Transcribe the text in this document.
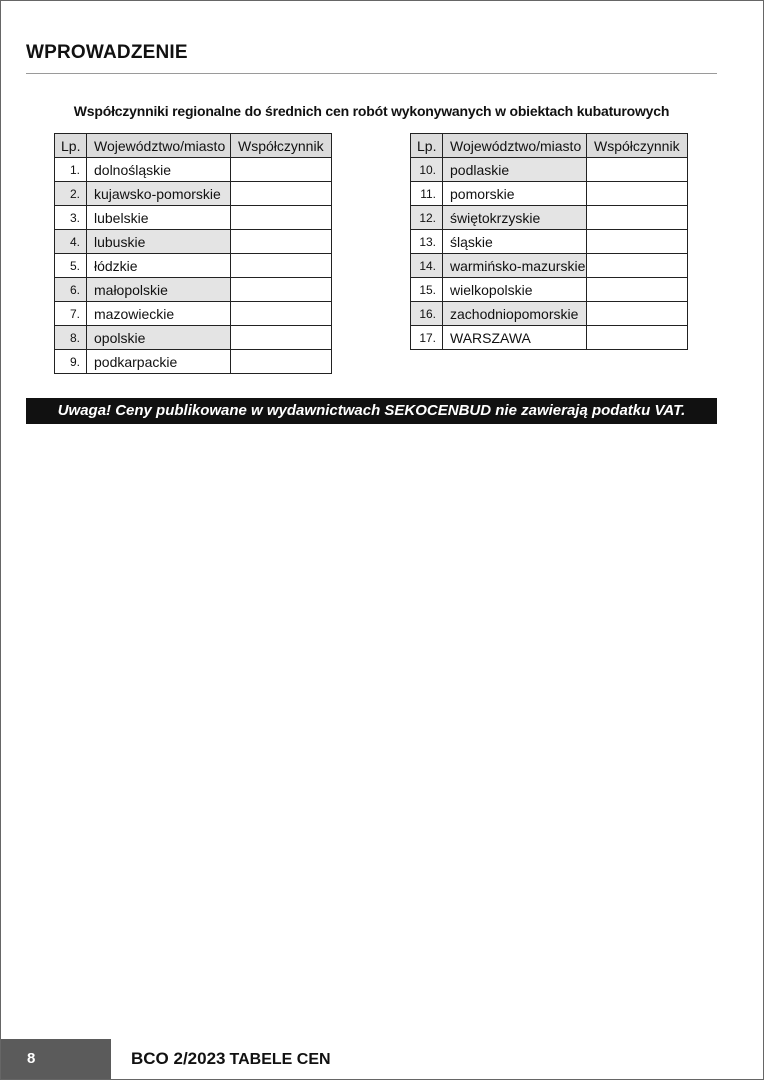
WPROWADZENIE
Współczynniki regionalne do średnich cen robót wykonywanych w obiektach kubaturowych
Lp.	Województwo/miasto	Współczynnik
1.	dolnośląskie	
2.	kujawsko-pomorskie	
3.	lubelskie	
4.	lubuskie	
5.	łódzkie	
6.	małopolskie	
7.	mazowieckie	
8.	opolskie	
9.	podkarpackie	
Lp.	Województwo/miasto	Współczynnik
10.	podlaskie	
11.	pomorskie	
12.	świętokrzyskie	
13.	śląskie	
14.	warmińsko-mazurskie	
15.	wielkopolskie	
16.	zachodniopomorskie	
17.	WARSZAWA	
Uwaga! Ceny publikowane w wydawnictwach SEKOCENBUD nie zawierają podatku VAT.
8	BCO 2/2023 TABELE CEN
